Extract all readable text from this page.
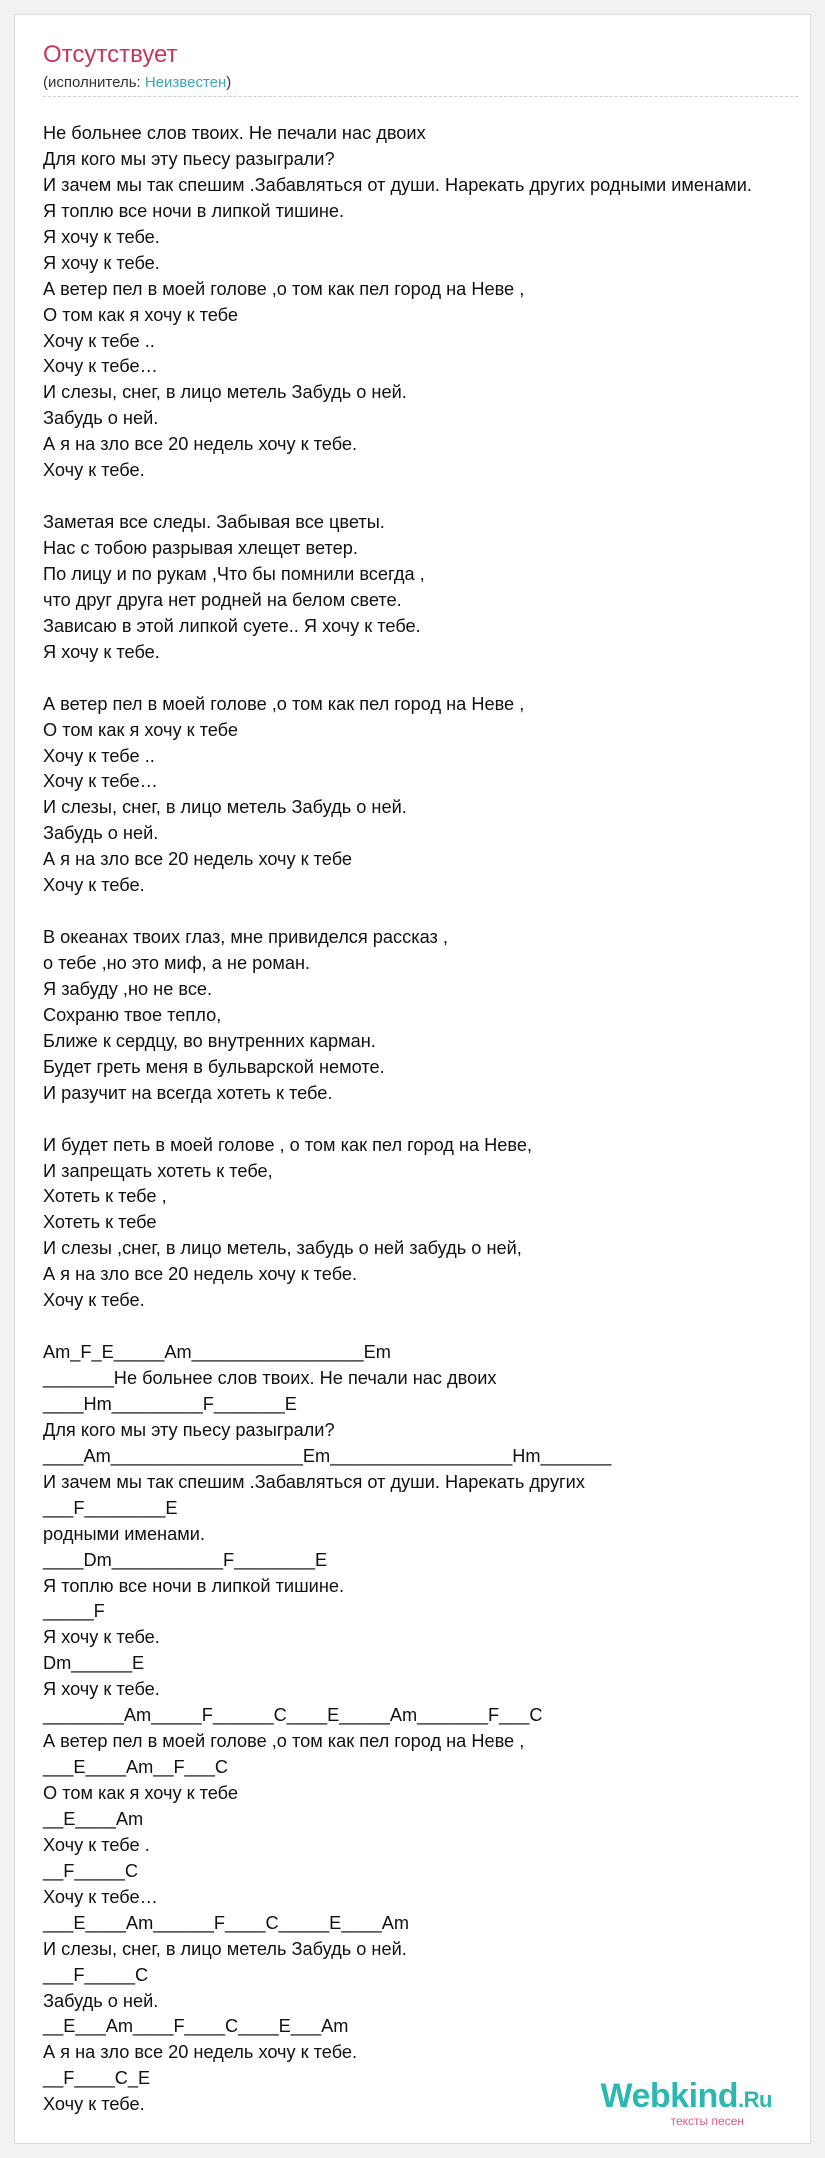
Отсутствует
(исполнитель: Неизвестен)
Не больнее слов твоих. Не печали нас двоих
Для кого мы эту пьесу разыграли?
И зачем мы так спешим .Забавляться от души. Нарекать других родными именами.
Я топлю все ночи в липкой тишине.
Я хочу к тебе.
Я хочу к тебе.
А ветер пел в моей голове ,о том как пел город на Неве ,
О том как я хочу к тебе
Хочу к тебе ..
Хочу к тебе…
И слезы, снег, в лицо метель Забудь о ней.
Забудь о ней.
А я на зло все 20 недель хочу к тебе.
Хочу к тебе.
Заметая все следы. Забывая все цветы.
Нас с тобою разрывая хлещет ветер.
По лицу и по рукам ,Что бы помнили всегда ,
что друг друга нет родней на белом свете.
Зависаю в этой липкой суете.. Я хочу к тебе.
Я хочу к тебе.
А ветер пел в моей голове ,о том как пел город на Неве ,
О том как я хочу к тебе
Хочу к тебе ..
Хочу к тебе…
И слезы, снег, в лицо метель Забудь о ней.
Забудь о ней.
А я на зло все 20 недель хочу к тебе
Хочу к тебе.
В океанах твоих глаз, мне привиделся рассказ ,
о тебе ,но это миф, а не роман.
Я забуду ,но не все.
Сохраню твое тепло,
Ближе к сердцу, во внутренних карман.
Будет греть меня в бульварской немоте.
И разучит на всегда хотеть к тебе.
И будет петь в моей голове , о том как пел город на Неве,
И запрещать хотеть к тебе,
Хотеть к тебе ,
Хотеть к тебе
И слезы ,снег, в лицо метель, забудь о ней забудь о ней,
А я на зло все 20 недель хочу к тебе.
Хочу к тебе.
Am_F_E_____Am_________________Em
_______Не больнее слов твоих. Не печали нас двоих
____Hm_________F_______E
Для кого мы эту пьесу разыграли?
____Am___________________Em__________________Hm_______
И зачем мы так спешим .Забавляться от души. Нарекать других
___F________E
родными именами.
____Dm___________F________E
Я топлю все ночи в липкой тишине.
_____F
Я хочу к тебе.
Dm______E
Я хочу к тебе.
________Am_____F______C____E_____Am_______F___C
А ветер пел в моей голове ,о том как пел город на Неве ,
___E____Am__F___C
О том как я хочу к тебе
__E____Am
Хочу к тебе .
__F_____C
Хочу к тебе…
___E____Am______F____C_____E____Am
И слезы, снег, в лицо метель Забудь о ней.
___F_____C
Забудь о ней.
__E___Am____F____C____E___Am
А я на зло все 20 недель хочу к тебе.
__F____C_E
Хочу к тебе.	Webkind.Ru
тексты песен
